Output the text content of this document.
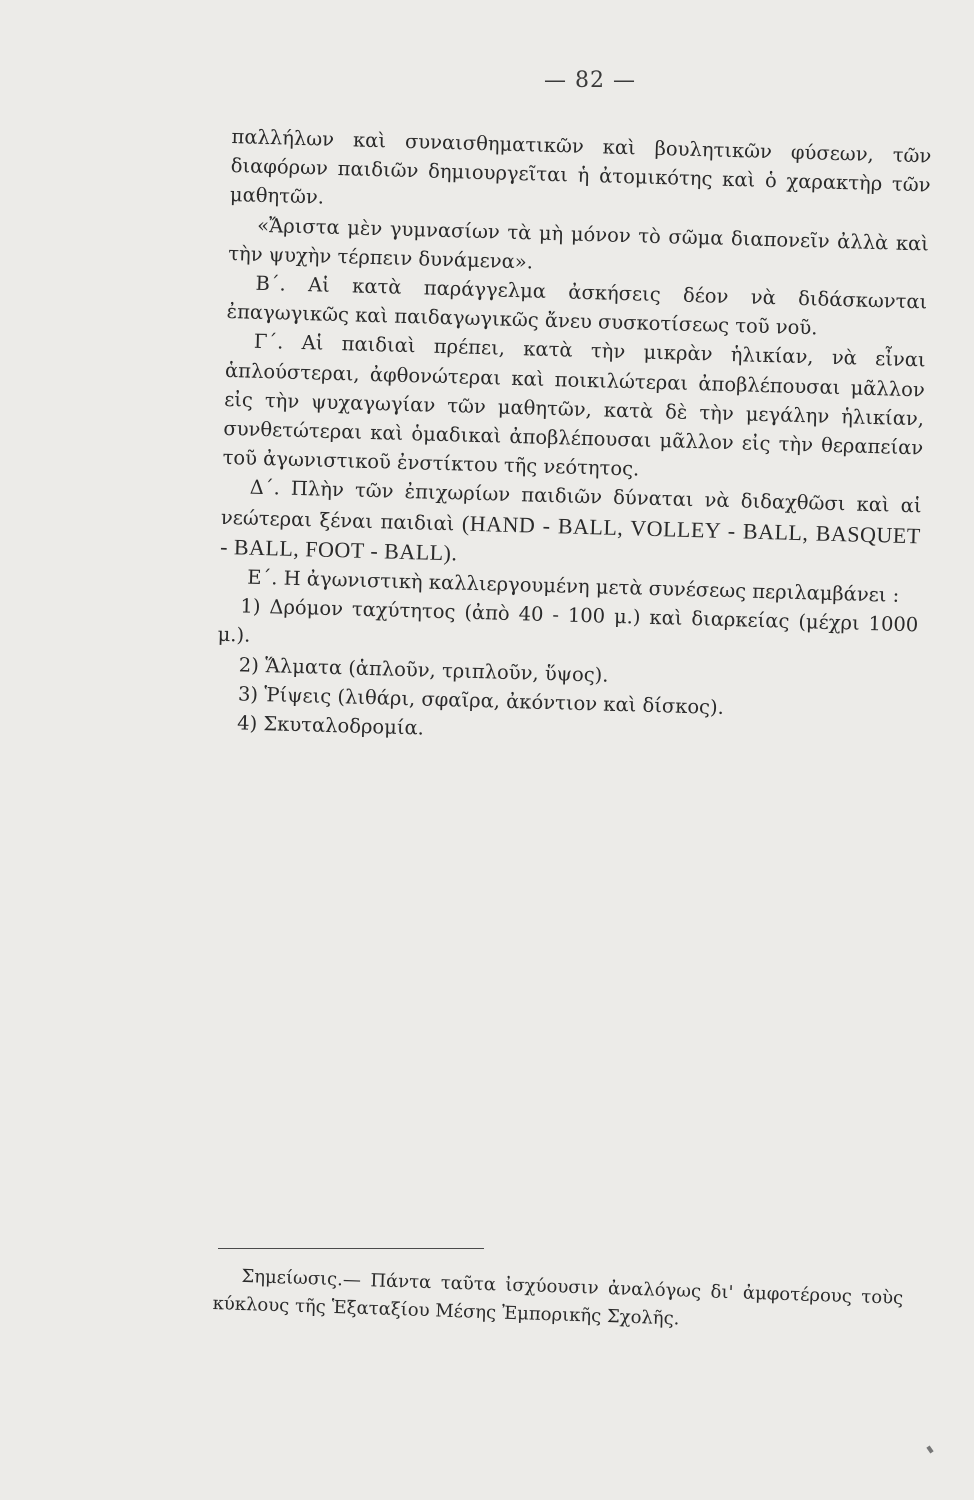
— 82 —

παλλήλων καὶ συναισθηματικῶν καὶ βουλητικῶν φύσεων, τῶν διαφόρων παιδιῶν δημιουργεῖται ἡ ἀτομικότης καὶ ὁ χαρακτὴρ τῶν μαθητῶν.

«Ἄριστα μὲν γυμνασίων τὰ μὴ μόνον τὸ σῶμα διαπονεῖν ἀλλὰ καὶ τὴν ψυχὴν τέρπειν δυνάμενα».

Β΄. Αἱ κατὰ παράγγελμα ἀσκήσεις δέον νὰ διδάσκωνται ἐπαγωγικῶς καὶ παιδαγωγικῶς ἄνευ συσκοτίσεως τοῦ νοῦ.

Γ΄. Αἱ παιδιαὶ πρέπει, κατὰ τὴν μικρὰν ἡλικίαν, νὰ εἶναι ἁπλούστεραι, ἀφθονώτεραι καὶ ποικιλώτεραι ἀποβλέπουσαι μᾶλλον εἰς τὴν ψυχαγωγίαν τῶν μαθητῶν, κατὰ δὲ τὴν μεγάλην ἡλικίαν, συνθετώτεραι καὶ ὁμαδικαὶ ἀποβλέπουσαι μᾶλλον εἰς τὴν θεραπείαν τοῦ ἀγωνιστικοῦ ἐνστίκτου τῆς νεότητος.

Δ΄. Πλὴν τῶν ἐπιχωρίων παιδιῶν δύναται νὰ διδαχθῶσι καὶ αἱ νεώτεραι ξέναι παιδιαὶ (HAND - BALL, VOLLEY - BALL, BASQUET - BALL, FOOT - BALL).

Ε΄. Η ἀγωνιστικὴ καλλιεργουμένη μετὰ συνέσεως περιλαμβάνει :

1) Δρόμον ταχύτητος (ἀπὸ 40 - 100 μ.) καὶ διαρκείας (μέχρι 1000 μ.).

2) Ἅλματα (ἁπλοῦν, τριπλοῦν, ὕψος).

3) Ῥίψεις (λιθάρι, σφαῖρα, ἀκόντιον καὶ δίσκος).

4) Σκυταλοδρομία.

Σημείωσις.— Πάντα ταῦτα ἰσχύουσιν ἀναλόγως δι' ἀμφοτέρους τοὺς κύκλους τῆς Ἑξαταξίου Μέσης Ἐμπορικῆς Σχολῆς.
